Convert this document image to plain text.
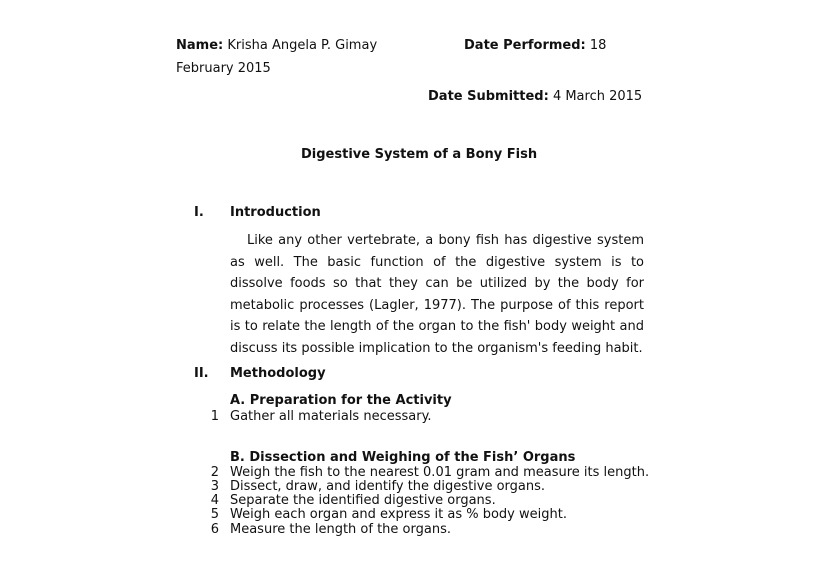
Name: Krisha Angela P. Gimay	Date Performed: 18
February 2015
Date Submitted: 4 March 2015
Digestive System of a Bony Fish
I. Introduction
Like any other vertebrate, a bony fish has digestive system as well. The basic function of the digestive system is to dissolve foods so that they can be utilized by the body for metabolic processes (Lagler, 1977). The purpose of this report is to relate the length of the organ to the fish' body weight and discuss its possible implication to the organism's feeding habit.
II. Methodology
A. Preparation for the Activity
1 Gather all materials necessary.
B. Dissection and Weighing of the Fish’ Organs
2 Weigh the fish to the nearest 0.01 gram and measure its length.
3 Dissect, draw, and identify the digestive organs.
4 Separate the identified digestive organs.
5 Weigh each organ and express it as % body weight.
6 Measure the length of the organs.
